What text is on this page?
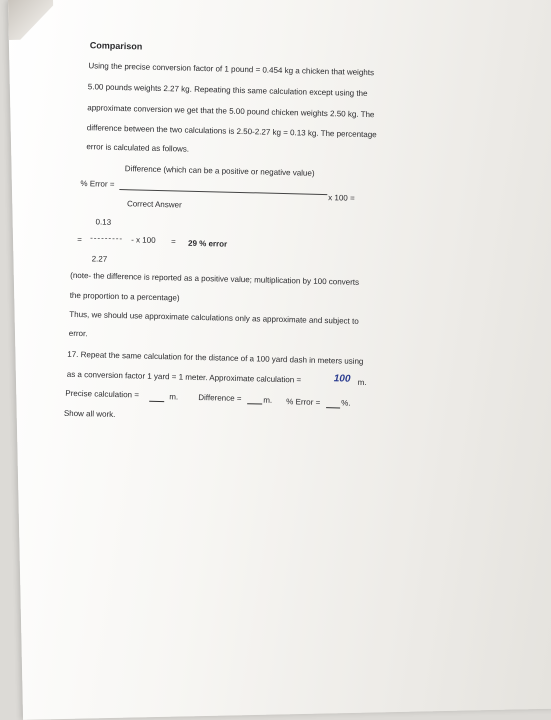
Comparison
Using the precise conversion factor of 1 pound = 0.454 kg a chicken that weights
5.00 pounds weights 2.27 kg. Repeating this same calculation except using the
approximate conversion we get that the 5.00 pound chicken weights 2.50 kg. The
difference between the two calculations is 2.50-2.27 kg = 0.13 kg. The percentage
error is calculated as follows.
Difference (which can be a positive or negative value)
% Error =
x 100 =
Correct Answer
0.13
= --------- - x 100 = 29 % error
2.27
(note- the difference is reported as a positive value; multiplication by 100 converts
the proportion to a percentage)
Thus, we should use approximate calculations only as approximate and subject to
error.
17. Repeat the same calculation for the distance of a 100 yard dash in meters using
as a conversion factor 1 yard = 1 meter. Approximate calculation =	100 m.
Precise calculation =	m. Difference =	m. % Error =	%.
Show all work.
